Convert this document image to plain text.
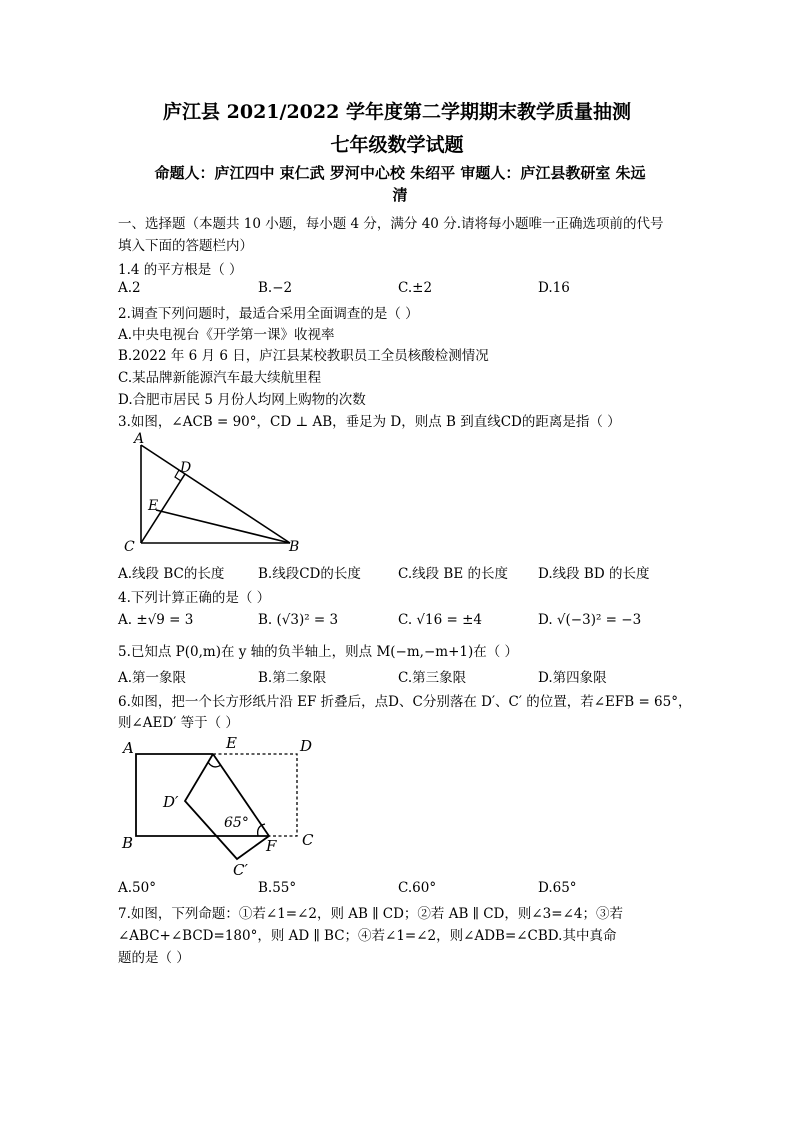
庐江县 2021/2022 学年度第二学期期末教学质量抽测
七年级数学试题
命题人：庐江四中 束仁武 罗河中心校 朱绍平 审题人：庐江县教研室 朱远
清
一、选择题（本题共 10 小题，每小题 4 分，满分 40 分.请将每小题唯一正确选项前的代号
填入下面的答题栏内）
1.4 的平方根是（ ）
A.2	B.−2	C.±2	D.16
2.调查下列问题时，最适合采用全面调查的是（ ）
A.中央电视台《开学第一课》收视率
B.2022 年 6 月 6 日，庐江县某校教职员工全员核酸检测情况
C.某品牌新能源汽车最大续航里程
D.合肥市居民 5 月份人均网上购物的次数
3.如图，∠ACB = 90°，CD ⊥ AB，垂足为 D，则点 B 到直线CD的距离是指（ ）
A
D
E
C	B
A.线段 BC的长度 B.线段CD的长度	C.线段 BE 的长度 D.线段 BD 的长度
4.下列计算正确的是（ ）
A. ±√9 = 3	B. (√3)² = 3	C. √16 = ±4	D. √(−3)² = −3
5.已知点 P(0,m)在 y 轴的负半轴上，则点 M(−m,−m+1)在（ ）
A.第一象限	B.第二象限	C.第三象限	D.第四象限
6.如图，把一个长方形纸片沿 EF 折叠后，点D、C分别落在 D′、C′ 的位置，若∠EFB = 65°，
则∠AED′ 等于（ ）
A	E	D
D′
65°
B	F C
C′
A.50°	B.55°	C.60°	D.65°
7.如图，下列命题：①若∠1=∠2，则 AB ∥ CD；②若 AB ∥ CD，则∠3=∠4；③若
∠ABC+∠BCD=180°，则 AD ∥ BC；④若∠1=∠2，则∠ADB=∠CBD.其中真命
题的是（ ）
